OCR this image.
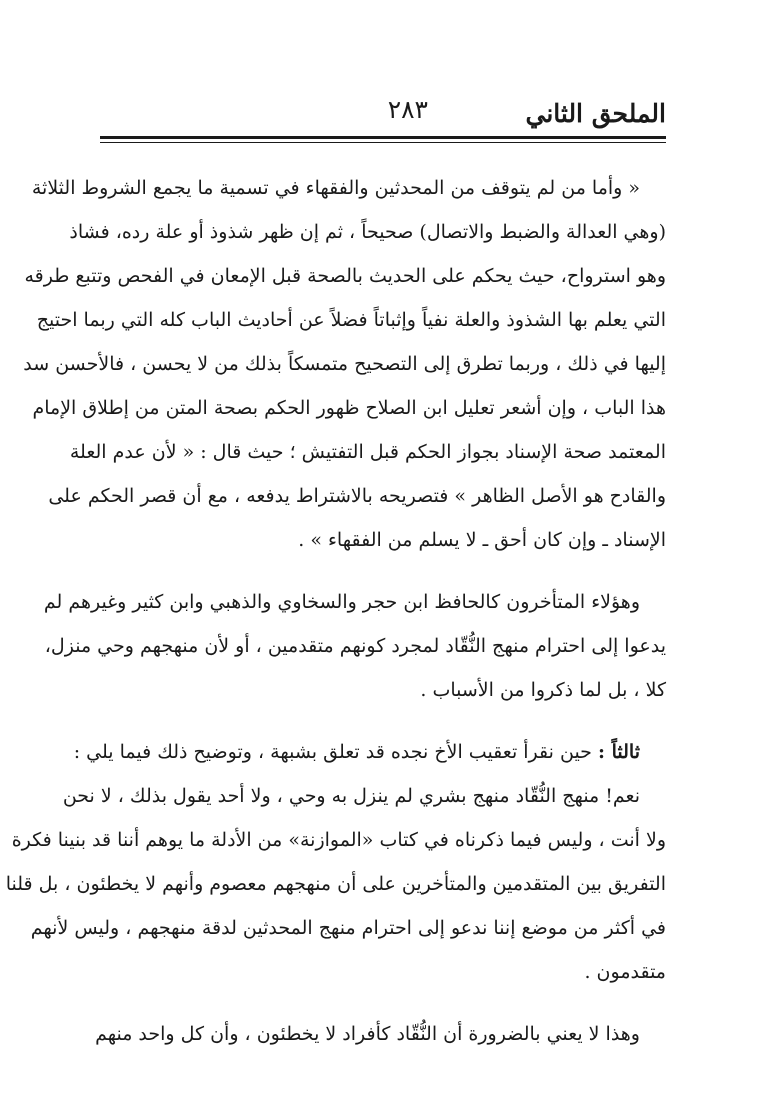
الملحق الثاني
٢٨٣
« وأما من لم يتوقف من المحدثين والفقهاء في تسمية ما يجمع الشروط الثلاثة
(وهي العدالة والضبط والاتصال) صحيحاً ، ثم إن ظهر شذوذ أو علة رده، فشاذ
وهو استرواح، حيث يحكم على الحديث بالصحة قبل الإمعان في الفحص وتتبع طرقه
التي يعلم بها الشذوذ والعلة نفياً وإثباتاً فضلاً عن أحاديث الباب كله التي ربما احتيج
إليها في ذلك ، وربما تطرق إلى التصحيح متمسكاً بذلك من لا يحسن ، فالأحسن سد
هذا الباب ، وإن أشعر تعليل ابن الصلاح ظهور الحكم بصحة المتن من إطلاق الإمام
المعتمد صحة الإسناد بجواز الحكم قبل التفتيش ؛ حيث قال : « لأن عدم العلة
والقادح هو الأصل الظاهر » فتصريحه بالاشتراط يدفعه ، مع أن قصر الحكم على
الإسناد ـ وإن كان أحق ـ لا يسلم من الفقهاء » .
وهؤلاء المتأخرون كالحافظ ابن حجر والسخاوي والذهبي وابن كثير وغيرهم لم
يدعوا إلى احترام منهج النُّقّاد لمجرد كونهم متقدمين ، أو لأن منهجهم وحي منزل،
كلا ، بل لما ذكروا من الأسباب .
ثالثاً : حين نقرأ تعقيب الأخ نجده قد تعلق بشبهة ، وتوضيح ذلك فيما يلي :
نعم! منهج النُّقّاد منهج بشري لم ينزل به وحي ، ولا أحد يقول بذلك ، لا نحن
ولا أنت ، وليس فيما ذكرناه في كتاب «الموازنة» من الأدلة ما يوهم أننا قد بنينا فكرة
التفريق بين المتقدمين والمتأخرين على أن منهجهم معصوم وأنهم لا يخطئون ، بل قلنا
في أكثر من موضع إننا ندعو إلى احترام منهج المحدثين لدقة منهجهم ، وليس لأنهم
متقدمون .
وهذا لا يعني بالضرورة أن النُّقّاد كأفراد لا يخطئون ، وأن كل واحد منهم
